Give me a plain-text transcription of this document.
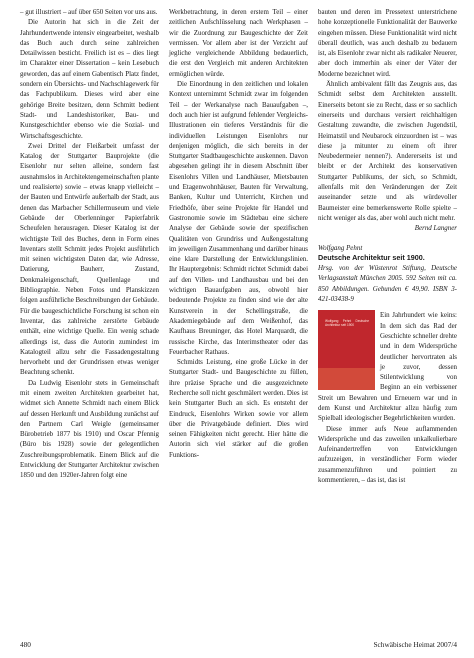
– gut illustriert – auf über 650 Seiten vor uns aus.

Die Autorin hat sich in die Zeit der Jahrhundertwende intensiv eingearbeitet, weshalb das Buch auch durch seine zahlreichen Detailwissen besticht. Freilich ist es – dies liegt im Charakter einer Dissertation – kein Lesebuch geworden, das auf einem Gabentisch Platz findet, sondern ein Übersichts- und Nachschlagewerk für das Fachpublikum. Dieses wird aber eine gehörige Breite besitzen, denn Schmitt bedient Stadt- und Landeshistoriker, Bau- und Kunstgeschichtler ebenso wie die Sozial- und Wirtschaftsgeschichte.

Zwei Drittel der Fleißarbeit umfasst der Katalog der Stuttgarter Bauprojekte (die Eisenlohr nur selten alleine, sondern fast ausnahmslos in Architektengemeinschaften plante und realisierte) sowie – etwas knapp vielleicht – der Bauten und Entwürfe außerhalb der Stadt, aus denen das Marbacher Schillermuseum und viele Gebäude der Oberlenninger Papierfabrik Scheufelen herausragen. Dieser Katalog ist der wichtigste Teil des Buches, denn in Form eines Inventars stellt Schmitt jedes Projekt ausführlich mit seinen wichtigsten Daten dar, wie Adresse, Datierung, Bauherr, Zustand, Denkmaleigenschaft, Quellenlage und Bibliographie. Neben Fotos und Planskizzen folgen ausführliche Beschreibungen der Gebäude. Für die baugeschichtliche Forschung ist schon ein Inventar, das zahlreiche zerstörte Gebäude enthält, eine wichtige Quelle. Ein wenig schade allerdings ist, dass die Autorin zumindest im Katalogteil allzu sehr die Fassadengestaltung hervorhebt und der Grundrissen etwas weniger Beachtung schenkt.

Da Ludwig Eisenlohr stets in Gemeinschaft mit einem zweiten Architekten gearbeitet hat, widmet sich Annette Schmidt nach einem Blick auf dessen Herkunft und Ausbildung zunächst auf den Partnern Carl Weigle (gemeinsamer Bürobetrieb 1877 bis 1910) und Oscar Pfennig (Büro bis 1928) sowie der gelegentlichen Zuschreibungsproblematik. Einem Blick auf die Entwicklung der Stuttgarter Architektur zwischen 1850 und den 1920er-Jahren folgt eine

Werkbetrachtung, in deren erstem Teil – einer zeitlichen Aufschlüsselung nach Werkphasen – wir die Zuordnung zur Baugeschichte der Zeit vermissen. Vor allem aber ist der Verzicht auf jegliche vergleichende Abbildung bedauerlich, die erst den Vergleich mit anderen Architekten ermöglichen würde.

Die Einordnung in den zeitlichen und lokalen Kontext unternimmt Schmidt zwar im folgenden Teil – der Werkanalyse nach Bauaufgaben –, doch auch hier ist aufgrund fehlender Vergleichs-Illustrationen ein tieferes Verständnis für die individuellen Leistungen Eisenlohrs nur denjenigen möglich, die sich bereits in der Stuttgarter Stadtbaugeschichte auskennen. Davon abgesehen gelingt ihr in diesem Abschnitt über Eisenlohrs Villen und Landhäuser, Mietsbauten und Etagenwohnhäuser, Bauten für Verwaltung, Banken, Kultur und Unterricht, Kirchen und Friedhöfe, über seine Projekte für Handel und Gastronomie sowie im Städtebau eine sichere Analyse der Gebäude sowie der spezifischen Qualitäten von Grundriss und Außengestaltung im jeweiligen Zusammenhang und darüber hinaus eine klare Darstellung der Entwicklungslinien. Ihr Hauptergebnis: Schmidt richtet Schmidt dabei auf den Villen- und Landhausbau und bei den wichtigen Bauaufgaben aus, obwohl hier bedeutende Projekte zu finden sind wie der alte Kunstverein in der Schellingstraße, die Akademiegebäude auf dem Weißenhof, das Kaufhaus Breuninger, das Hotel Marquardt, die russische Kirche, das Interimstheater oder das Feuerbacher Rathaus.

Schmidts Leistung, eine große Lücke in der Stuttgarter Stadt- und Baugeschichte zu füllen, ihre präzise Sprache und die ausgezeichnete Recherche soll nicht geschmälert werden. Dies ist kein Stuttgarter Buch an sich. Es entsteht der Eindruck, Eisenlohrs Wirken sowie vor allem über die Privatgebäude definiert. Dies wird seinen Fähigkeiten nicht gerecht. Hier hätte die Autorin sich viel stärker auf die großen Funktions-

bauten und deren im Pressetext unterstrichene hohe konzeptionelle Funktionalität der Bauwerke eingehen müssen. Diese Funktionalität wird nicht überall deutlich, was auch deshalb zu bedauern ist, als Eisenlohr zwar nicht als radikaler Neuerer, aber doch immerhin als einer der Väter der Moderne bezeichnet wird.

Ähnlich ambivalent fällt das Zeugnis aus, das Schmidt selbst dem Architekten ausstellt. Einerseits betont sie zu Recht, dass er so sachlich einerseits und durchaus versiert reichhaltigen Gestaltung zuwandte, die zwischen Jugendstil, Heimatstil und Neubarock einzuordnen ist – was diese ja mitunter zu einem oft ihrer Neubedermeier nennen?). Andererseits ist und bleibt er der Architekt des konservativen Stuttgarter Publikums, der sich, so Schmidt, allenfalls mit den Veränderungen der Zeit auseinander setzte und als würdevoller Baumeister eine bemerkenswerte Rolle spielte – nicht weniger als das, aber wohl auch nicht mehr.

Bernd Langner
Wolfgang Pehnt
Deutsche Architektur seit 1900.
Hrsg. von der Wüstenrot Stiftung, Deutsche Verlagsanstalt München 2005. 592 Seiten mit ca. 850 Abbildungen. Gebunden € 49,90. ISBN 3-421-03438-9
Wolfgang Pehnt Deutsche Architektur seit 1900

Ein Jahrhundert wie keins: In dem sich das Rad der Geschichte schneller drehte und in dem Widersprüche deutlicher hervortraten als je zuvor, dessen Stilentwicklung von Beginn an ein verbissener Streit um Bewahren und Erneuern war und in dem Kunst und Architektur allzu häufig zum Spielball ideologischer Begehrlichkeiten wurden.

Diese immer aufs Neue auflammenden Widersprüche und das zuweilen unkalkulierbare Aufeinandertreffen von Entwicklungen aufzuzeigen, in verständlicher Form wieder zusammenzuführen und pointiert zu kommentieren, – das ist, das ist

480	Schwäbische Heimat 2007/4
